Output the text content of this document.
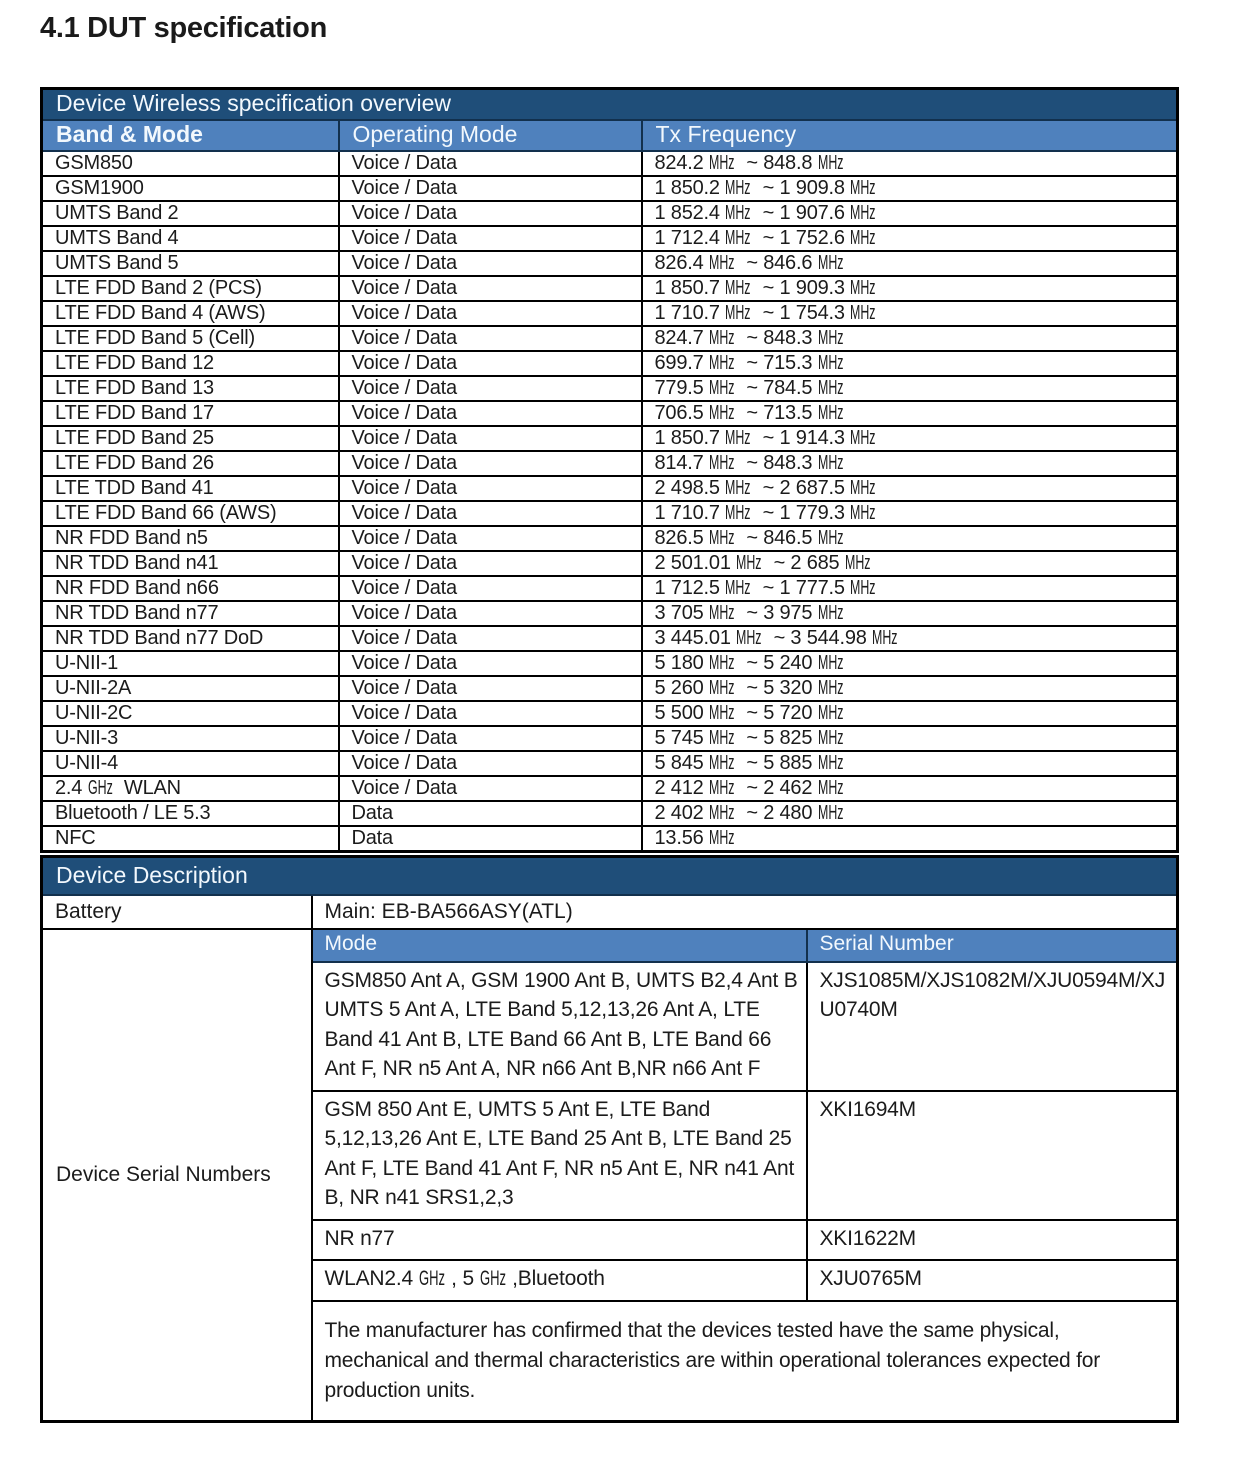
4.1 DUT specification
Device Wireless specification overview		
Band & Mode	Operating Mode	Tx Frequency
GSM850	Voice / Data	824.2 MHz ~ 848.8 MHz
GSM1900	Voice / Data	1 850.2 MHz ~ 1 909.8 MHz
UMTS Band 2	Voice / Data	1 852.4 MHz ~ 1 907.6 MHz
UMTS Band 4	Voice / Data	1 712.4 MHz ~ 1 752.6 MHz
UMTS Band 5	Voice / Data	826.4 MHz ~ 846.6 MHz
LTE FDD Band 2 (PCS)	Voice / Data	1 850.7 MHz ~ 1 909.3 MHz
LTE FDD Band 4 (AWS)	Voice / Data	1 710.7 MHz ~ 1 754.3 MHz
LTE FDD Band 5 (Cell)	Voice / Data	824.7 MHz ~ 848.3 MHz
LTE FDD Band 12	Voice / Data	699.7 MHz ~ 715.3 MHz
LTE FDD Band 13	Voice / Data	779.5 MHz ~ 784.5 MHz
LTE FDD Band 17	Voice / Data	706.5 MHz ~ 713.5 MHz
LTE FDD Band 25	Voice / Data	1 850.7 MHz ~ 1 914.3 MHz
LTE FDD Band 26	Voice / Data	814.7 MHz ~ 848.3 MHz
LTE TDD Band 41	Voice / Data	2 498.5 MHz ~ 2 687.5 MHz
LTE FDD Band 66 (AWS)	Voice / Data	1 710.7 MHz ~ 1 779.3 MHz
NR FDD Band n5	Voice / Data	826.5 MHz ~ 846.5 MHz
NR TDD Band n41	Voice / Data	2 501.01 MHz ~ 2 685 MHz
NR FDD Band n66	Voice / Data	1 712.5 MHz ~ 1 777.5 MHz
NR TDD Band n77	Voice / Data	3 705 MHz ~ 3 975 MHz
NR TDD Band n77 DoD	Voice / Data	3 445.01 MHz ~ 3 544.98 MHz
U-NII-1	Voice / Data	5 180 MHz ~ 5 240 MHz
U-NII-2A	Voice / Data	5 260 MHz ~ 5 320 MHz
U-NII-2C	Voice / Data	5 500 MHz ~ 5 720 MHz
U-NII-3	Voice / Data	5 745 MHz ~ 5 825 MHz
U-NII-4	Voice / Data	5 845 MHz ~ 5 885 MHz
2.4 GHz WLAN	Voice / Data	2 412 MHz ~ 2 462 MHz
Bluetooth / LE 5.3	Data	2 402 MHz ~ 2 480 MHz
NFC	Data	13.56 MHz
Device Description		
Battery	Main: EB-BA566ASY(ATL)	
Device Serial Numbers	Mode	Serial Number
	GSM850 Ant A, GSM 1900 Ant B, UMTS B2,4 Ant B UMTS 5 Ant A, LTE Band 5,12,13,26 Ant A, LTE Band 41 Ant B, LTE Band 66 Ant B, LTE Band 66 Ant F, NR n5 Ant A, NR n66 Ant B,NR n66 Ant F	XJS1085M/XJS1082M/XJU0594M/XJU0740M
	GSM 850 Ant E, UMTS 5 Ant E, LTE Band 5,12,13,26 Ant E, LTE Band 25 Ant B, LTE Band 25 Ant F, LTE Band 41 Ant F, NR n5 Ant E, NR n41 Ant B, NR n41 SRS1,2,3	XKI1694M
	NR n77	XKI1622M
	WLAN2.4 GHz , 5 GHz ,Bluetooth	XJU0765M
	The manufacturer has confirmed that the devices tested have the same physical, mechanical and thermal characteristics are within operational tolerances expected for production units.	
